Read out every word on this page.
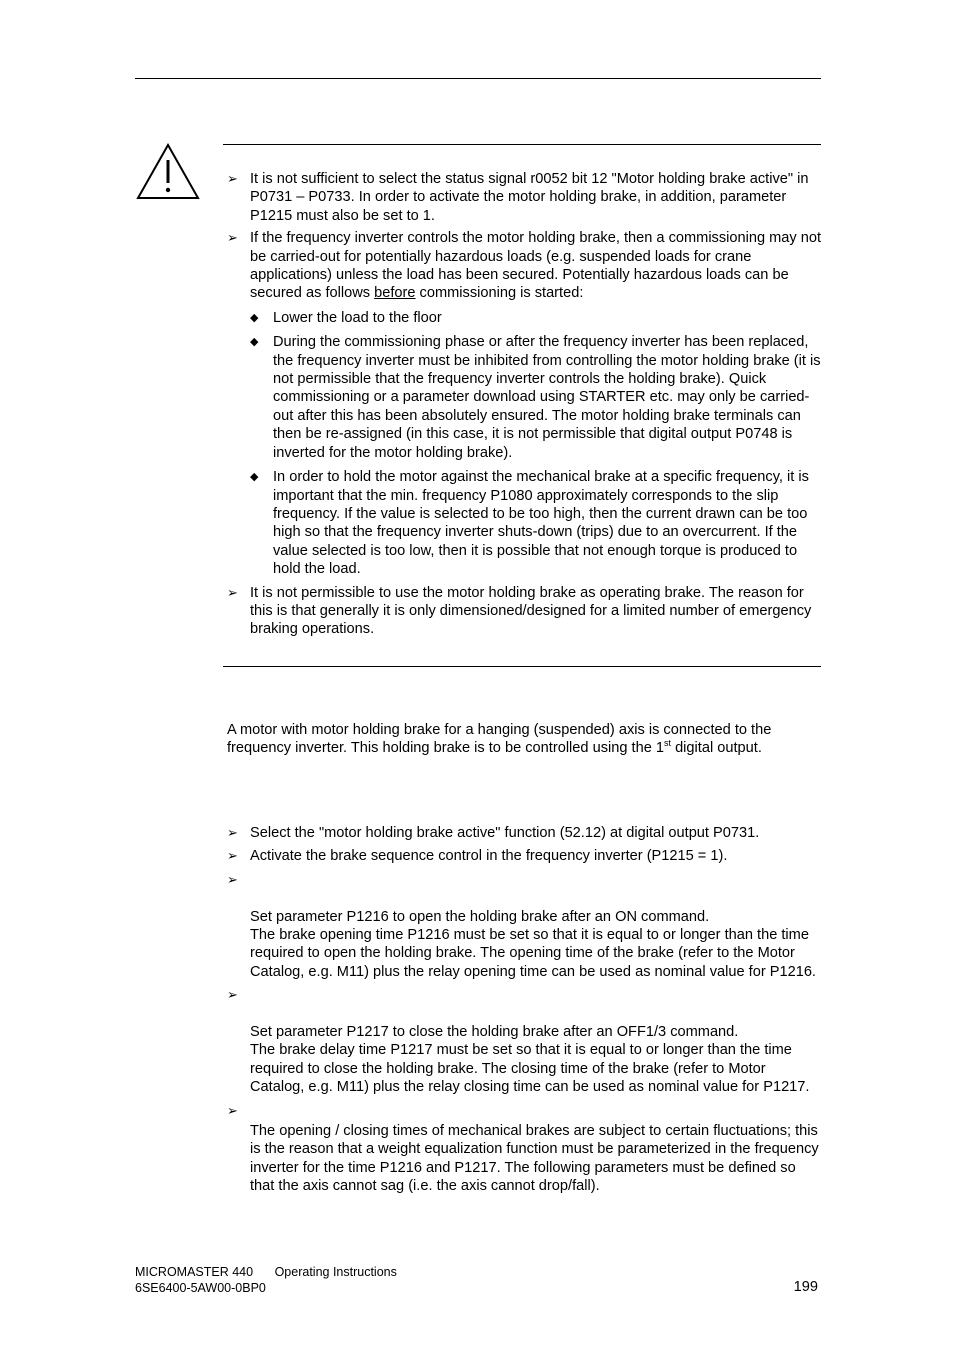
➢ It is not sufficient to select the status signal r0052 bit 12 "Motor holding brake active" in P0731 – P0733. In order to activate the motor holding brake, in addition, parameter P1215 must also be set to 1.

➢ If the frequency inverter controls the motor holding brake, then a commissioning may not be carried-out for potentially hazardous loads (e.g. suspended loads for crane applications) unless the load has been secured. Potentially hazardous loads can be secured as follows before commissioning is started:

◆ Lower the load to the floor

◆ During the commissioning phase or after the frequency inverter has been replaced, the frequency inverter must be inhibited from controlling the motor holding brake (it is not permissible that the frequency inverter controls the holding brake). Quick commissioning or a parameter download using STARTER etc. may only be carried-out after this has been absolutely ensured. The motor holding brake terminals can then be re-assigned (in this case, it is not permissible that digital output P0748 is inverted for the motor holding brake).

◆ In order to hold the motor against the mechanical brake at a specific frequency, it is important that the min. frequency P1080 approximately corresponds to the slip frequency. If the value is selected to be too high, then the current drawn can be too high so that the frequency inverter shuts-down (trips) due to an overcurrent. If the value selected is too low, then it is possible that not enough torque is produced to hold the load.

➢ It is not permissible to use the motor holding brake as operating brake. The reason for this is that generally it is only dimensioned/designed for a limited number of emergency braking operations.

A motor with motor holding brake for a hanging (suspended) axis is connected to the frequency inverter. This holding brake is to be controlled using the 1st digital output.

➢ Select the "motor holding brake active" function (52.12) at digital output P0731.

➢ Activate the brake sequence control in the frequency inverter (P1215 = 1).

➢

Set parameter P1216 to open the holding brake after an ON command.
The brake opening time P1216 must be set so that it is equal to or longer than the time required to open the holding brake. The opening time of the brake (refer to the Motor Catalog, e.g. M11) plus the relay opening time can be used as nominal value for P1216.

➢

Set parameter P1217 to close the holding brake after an OFF1/3 command.
The brake delay time P1217 must be set so that it is equal to or longer than the time required to close the holding brake. The closing time of the brake (refer to Motor Catalog, e.g. M11) plus the relay closing time can be used as nominal value for P1217.

➢

The opening / closing times of mechanical brakes are subject to certain fluctuations; this is the reason that a weight equalization function must be parameterized in the frequency inverter for the time P1216 and P1217. The following parameters must be defined so that the axis cannot sag (i.e. the axis cannot drop/fall).

MICROMASTER 440 Operating Instructions
6SE6400-5AW00-0BP0	199
